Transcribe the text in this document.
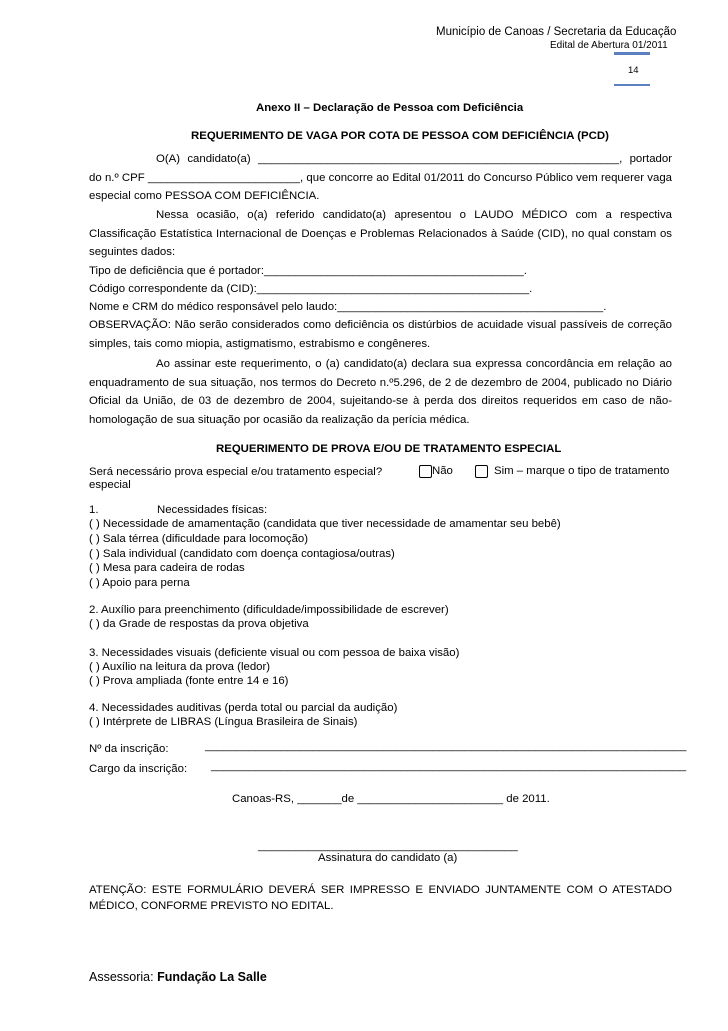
Município de Canoas / Secretaria da Educação
Edital de Abertura 01/2011
14
Anexo II – Declaração de Pessoa com Deficiência
REQUERIMENTO DE VAGA POR COTA DE PESSOA COM DEFICIÊNCIA (PCD)
O(A) candidato(a) _________________________________________________________, portador do n.º CPF ________________________, que concorre ao Edital 01/2011 do Concurso Público vem requerer vaga especial como PESSOA COM DEFICIÊNCIA.
Nessa ocasião, o(a) referido candidato(a) apresentou o LAUDO MÉDICO com a respectiva Classificação Estatística Internacional de Doenças e Problemas Relacionados à Saúde (CID), no qual constam os seguintes dados:
Tipo de deficiência que é portador:_________________________________________.
Código correspondente da (CID):___________________________________________.
Nome e CRM do médico responsável pelo laudo:__________________________________________.
OBSERVAÇÃO: Não serão considerados como deficiência os distúrbios de acuidade visual passíveis de correção simples, tais como miopia, astigmatismo, estrabismo e congêneres.
Ao assinar este requerimento, o (a) candidato(a) declara sua expressa concordância em relação ao enquadramento de sua situação, nos termos do Decreto n.º5.296, de 2 de dezembro de 2004, publicado no Diário Oficial da União, de 03 de dezembro de 2004, sujeitando-se à perda dos direitos requeridos em caso de não-homologação de sua situação por ocasião da realização da perícia médica.
REQUERIMENTO DE PROVA E/OU DE TRATAMENTO ESPECIAL
Será necessário prova especial e/ou tratamento especial?	Não	Sim – marque o tipo de tratamento
especial
1.	Necessidades físicas:
( ) Necessidade de amamentação (candidata que tiver necessidade de amamentar seu bebê)
( ) Sala térrea (dificuldade para locomoção)
( ) Sala individual (candidato com doença contagiosa/outras)
( ) Mesa para cadeira de rodas
( ) Apoio para perna
2. Auxílio para preenchimento (dificuldade/impossibilidade de escrever)
( ) da Grade de respostas da prova objetiva
3. Necessidades visuais (deficiente visual ou com pessoa de baixa visão)
( ) Auxílio na leitura da prova (ledor)
( ) Prova ampliada (fonte entre 14 e 16)
4. Necessidades auditivas (perda total ou parcial da audição)
( ) Intérprete de LIBRAS (Língua Brasileira de Sinais)
Nº da inscrição:	____________________________________________________________________________
Cargo da inscrição: ___________________________________________________________________________
Canoas-RS, _______de _______________________ de 2011.
_________________________________________
Assinatura do candidato (a)
ATENÇÃO: ESTE FORMULÁRIO DEVERÁ SER IMPRESSO E ENVIADO JUNTAMENTE COM O ATESTADO MÉDICO, CONFORME PREVISTO NO EDITAL.
Assessoria: Fundação La Salle
